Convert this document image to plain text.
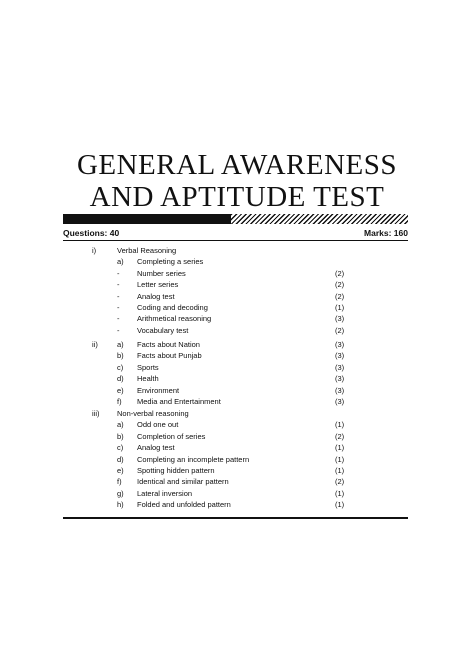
GENERAL AWARENESS
AND APTITUDE TEST
Questions: 40	Marks: 160
i)	Verbal Reasoning
a) Completing a series
- Number series	(2)
- Letter series	(2)
- Analog test	(2)
- Coding and decoding	(1)
- Arithmetical reasoning	(3)
- Vocabulary test	(2)
ii)	a) Facts about Nation	(3)
b) Facts about Punjab	(3)
c) Sports	(3)
d) Health	(3)
e) Environment	(3)
f) Media and Entertainment	(3)
iii) Non-verbal reasoning
a) Odd one out	(1)
b) Completion of series	(2)
c) Analog test	(1)
d) Completing an incomplete pattern	(1)
e) Spotting hidden pattern	(1)
f) Identical and similar pattern	(2)
g) Lateral inversion	(1)
h) Folded and unfolded pattern	(1)
